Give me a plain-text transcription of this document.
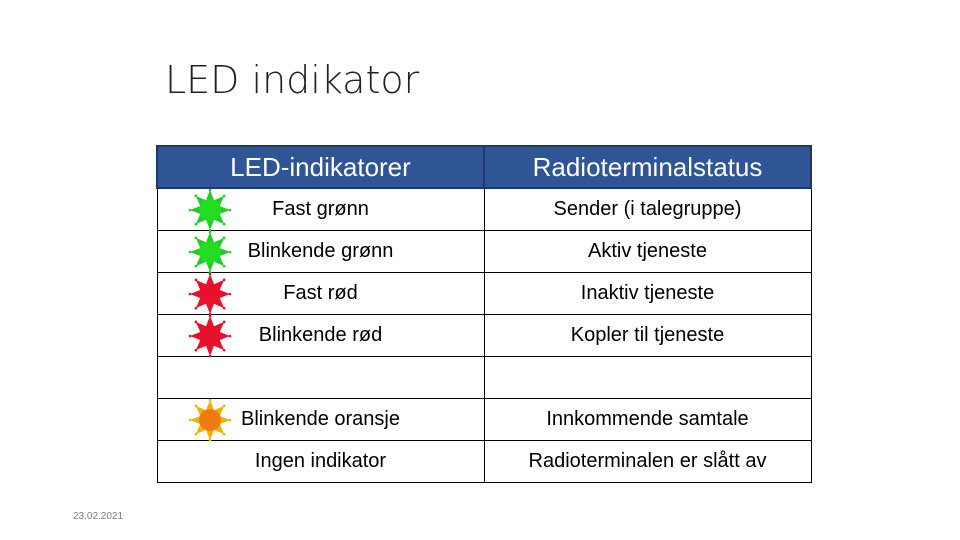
LED indikator
LED-indikatorer	Radioterminalstatus

Fast grønn	Sender (i talegruppe)

Blinkende grønn	Aktiv tjeneste

Fast rød	Inaktiv tjeneste

Blinkende rød	Kopler til tjeneste

Blinkende oransje	Innkommende samtale
Ingen indikator	Radioterminalen er slått av
23.02.2021
